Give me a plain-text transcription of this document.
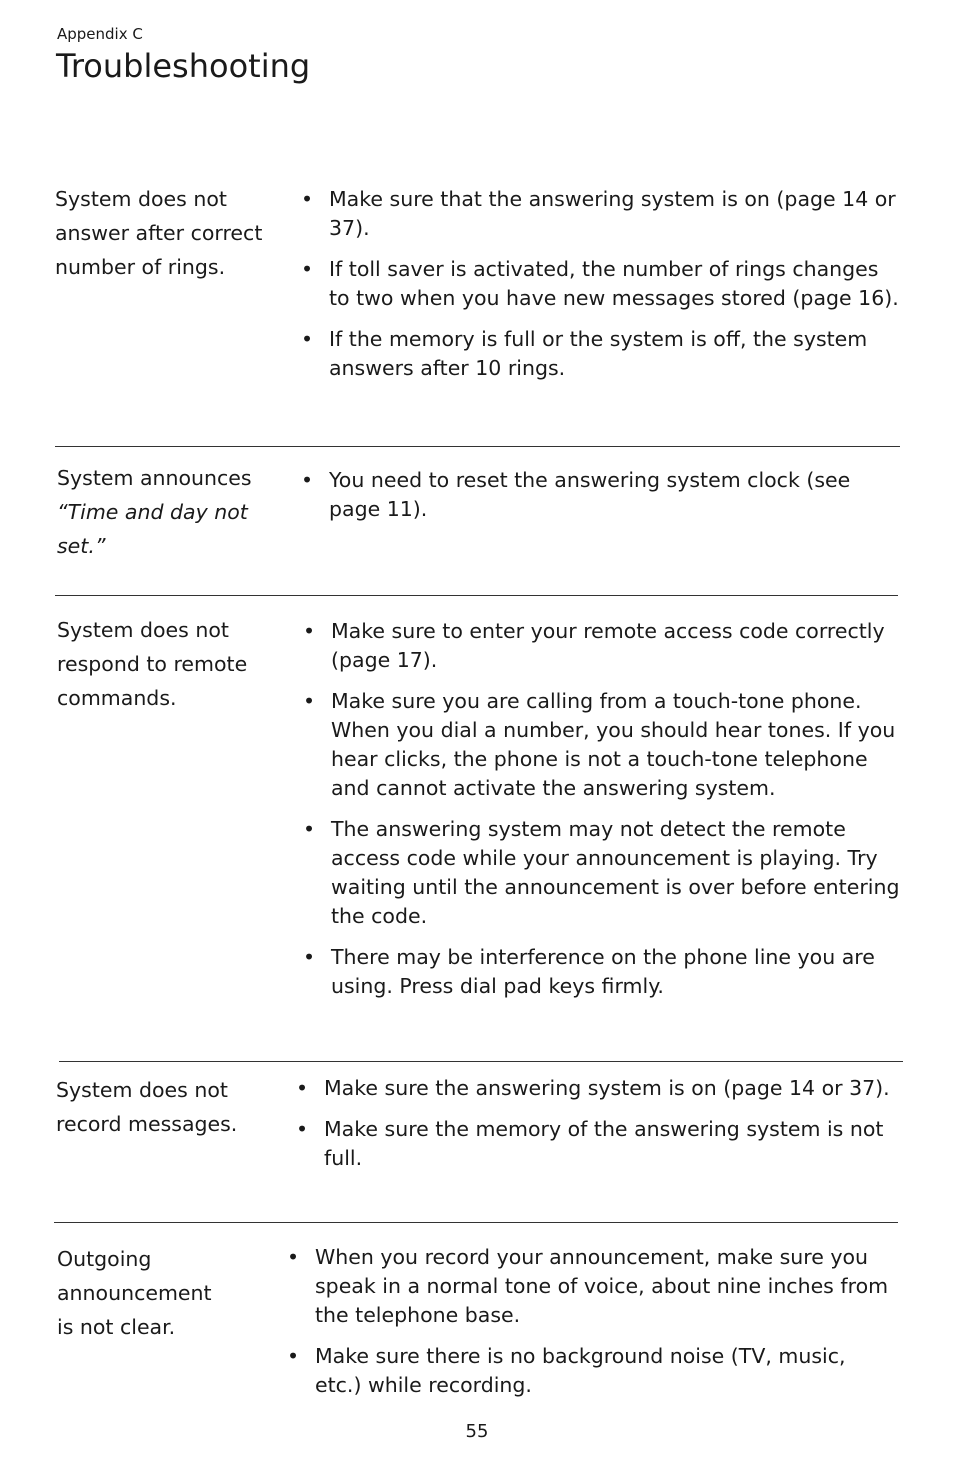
Appendix C
Troubleshooting
System does not answer after correct number of rings.
• Make sure that the answering system is on (page 14 or 37).
• If toll saver is activated, the number of rings changes to two when you have new messages stored (page 16).
• If the memory is full or the system is off, the system answers after 10 rings.
System announces “Time and day not set.”
• You need to reset the answering system clock (see page 11).
System does not respond to remote commands.
• Make sure to enter your remote access code correctly (page 17).
• Make sure you are calling from a touch-tone phone. When you dial a number, you should hear tones. If you hear clicks, the phone is not a touch-tone telephone and cannot activate the answering system.
• The answering system may not detect the remote access code while your announcement is playing. Try waiting until the announcement is over before entering the code.
• There may be interference on the phone line you are using. Press dial pad keys firmly.
System does not record messages.
• Make sure the answering system is on (page 14 or 37).
• Make sure the memory of the answering system is not full.
Outgoing announcement is not clear.
• When you record your announcement, make sure you speak in a normal tone of voice, about nine inches from the telephone base.
• Make sure there is no background noise (TV, music, etc.) while recording.
55
